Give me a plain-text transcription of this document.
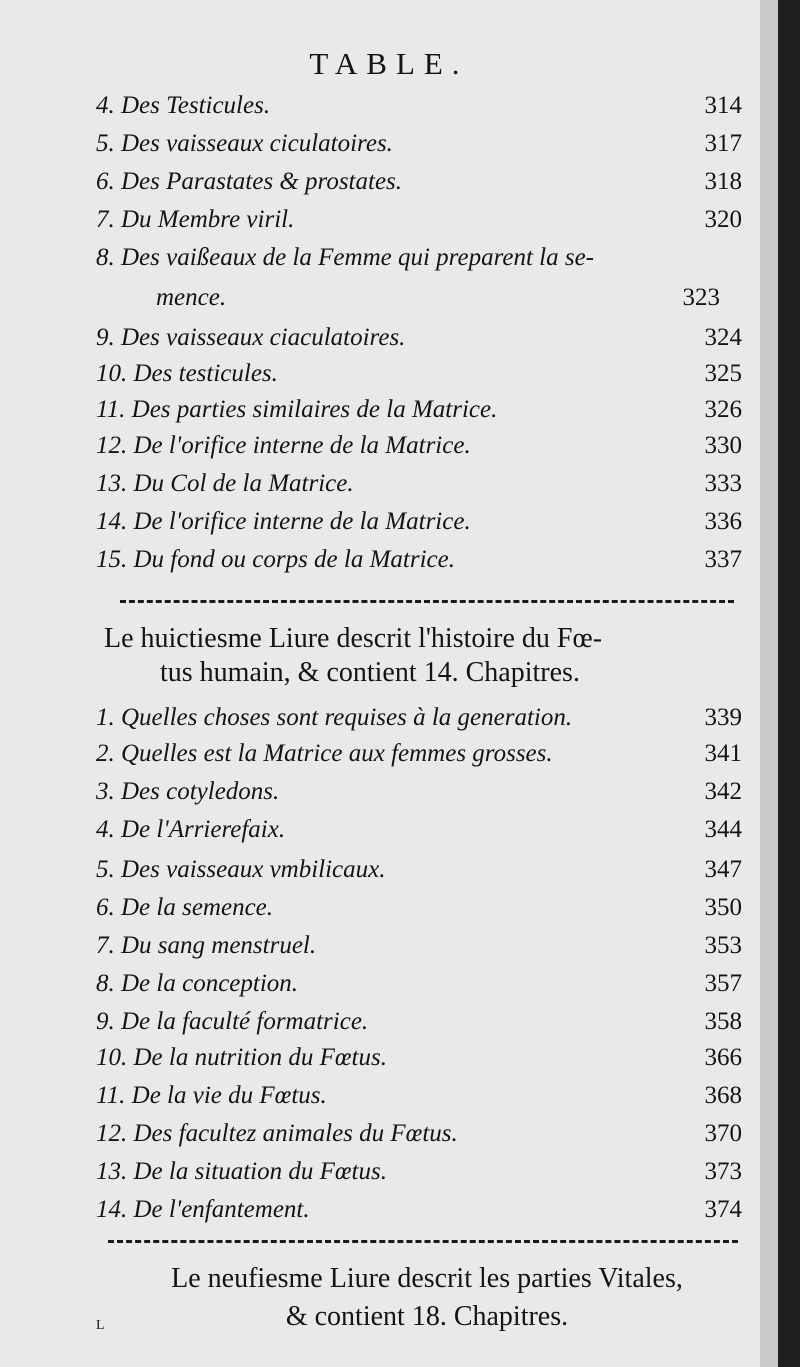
TABLE.
4. Des Testicules.	314
5. Des vaisseaux ciculatoires.	317
6. Des Parastates & prostates.	318
7. Du Membre viril.	320
8. Des vaißeaux de la Femme qui preparent la se-
mence.	323
9. Des vaisseaux ciaculatoires.	324
10. Des testicules.	325
11. Des parties similaires de la Matrice.	326
12. De l'orifice interne de la Matrice.	330
13. Du Col de la Matrice.	333
14. De l'orifice interne de la Matrice.	336
15. Du fond ou corps de la Matrice.	337
Le huictiesme Liure descrit l'histoire du Fœ-
tus humain, & contient 14. Chapitres.
1. Quelles choses sont requises à la generation.	339
2. Quelles est la Matrice aux femmes grosses.	341
3. Des cotyledons.	342
4. De l'Arrierefaix.	344
5. Des vaisseaux vmbilicaux.	347
6. De la semence.	350
7. Du sang menstruel.	353
8. De la conception.	357
9. De la faculté formatrice.	358
10. De la nutrition du Fœtus.	366
11. De la vie du Fœtus.	368
12. Des facultez animales du Fœtus.	370
13. De la situation du Fœtus.	373
14. De l'enfantement.	374
Le neufiesme Liure descrit les parties Vitales,
& contient 18. Chapitres.
L
